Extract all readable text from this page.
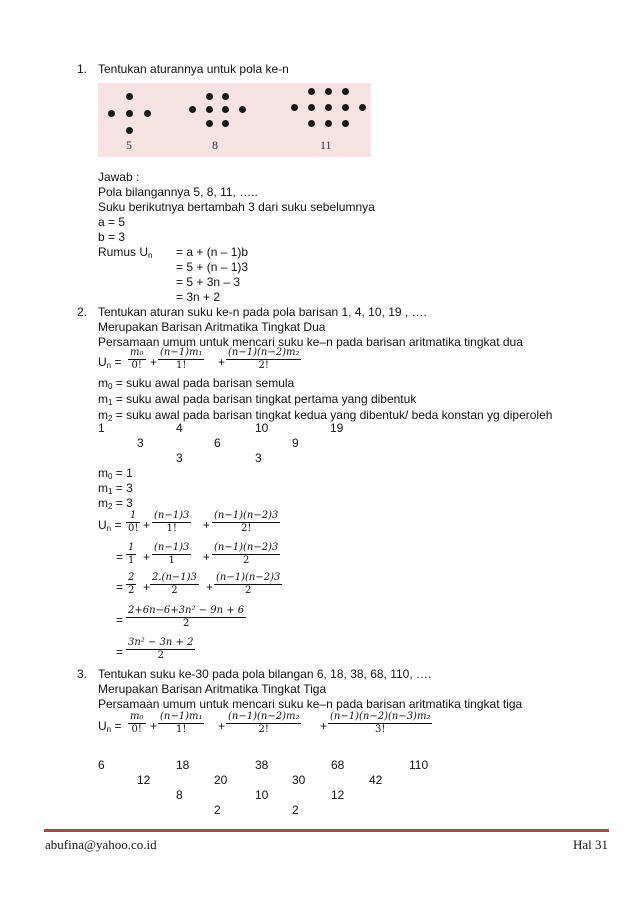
1. Tentukan aturannya untuk pola ke-n
5	8	11
Jawab :
Pola bilangannya 5, 8, 11, …..
Suku berikutnya bertambah 3 dari suku sebelumnya
a = 5
b = 3
Rumus $U_n = a + (n - 1)b$
= 5 + (n – 1)3
= 5 + 3n – 3
= 3n + 2
2. Tentukan aturan suku ke-n pada pola barisan 1, 4, 10, 19 , ….
Merupakan Barisan Aritmatika Tingkat Dua
Persamaan umum untuk mencari suku ke–n pada barisan aritmatika tingkat dua
$U_n = \frac{\text{m₀}}{0!} + \frac{\text{(n−1)m₁}}{1!} + \frac{\text{(n−1)(n−2)m₂}}{2!}$
$m_0$ = suku awal pada barisan semula
$m_1$ = suku awal pada barisan tingkat pertama yang dibentuk
$m_2$ = suku awal pada barisan tingkat kedua yang dibentuk/ beda konstan yg diperoleh
1	4	10	19
3	6	9
3	3
$m_0 = 1$
$m_1 = 3$
$m_2 = 3$
$U_n = \frac{1}{0!} + \frac{(n-1)3}{1!} + \frac{(n-1)(n-2)3}{2!}$
= $\frac{1}{1} + \frac{(n-1)3}{1} + \frac{(n-1)(n-2)3}{2}$
= $\frac{2}{2} + \frac{2.(n-1)3}{2} + \frac{(n-1)(n-2)3}{2}$
= $\frac{\text{2+6n−6+3n² − 9n + 6}}{2}$
= $\frac{\text{3n² − 3n + 2}}{2}$
3. Tentukan suku ke-30 pada pola bilangan 6, 18, 38, 68, 110, ….
Merupakan Barisan Aritmatika Tingkat Tiga
Persamaan umum untuk mencari suku ke–n pada barisan aritmatika tingkat tiga
$U_n = \frac{\text{m₀}}{0!} + \frac{\text{(n−1)m₁}}{1!} + \frac{\text{(n−1)(n−2)m₂}}{2!} + \frac{\text{(n−1)(n−2)(n−3)m₂}}{3!}$
6	18	38	68	110
12	20	30	42
8	10	12
2	2
abufina@yahoo.co.id	Hal 31
